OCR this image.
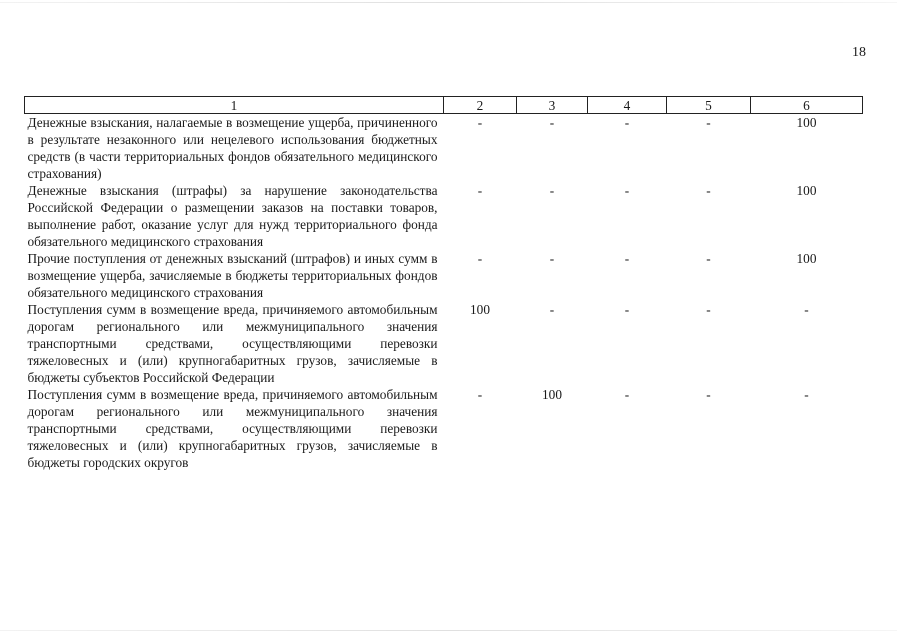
18
1	2	3	4	5	6
Денежные взыскания, налагаемые в возмещение ущерба, причиненного в результате незаконного или нецелевого использования бюджетных средств (в части территориальных фондов обязательного медицинского страхования)	-	-	-	-	100
Денежные взыскания (штрафы) за нарушение законодательства Российской Федерации о размещении заказов на поставки товаров, выполнение работ, оказание услуг для нужд территориального фонда обязательного медицинского страхования	-	-	-	-	100
Прочие поступления от денежных взысканий (штрафов) и иных сумм в возмещение ущерба, зачисляемые в бюджеты территориальных фондов обязательного медицинского страхования	-	-	-	-	100
Поступления сумм в возмещение вреда, причиняемого автомобильным дорогам регионального или межмуниципального значения транспортными средствами, осуществляющими перевозки тяжеловесных и (или) крупногабаритных грузов, зачисляемые в бюджеты субъектов Российской Федерации	100	-	-	-	-
Поступления сумм в возмещение вреда, причиняемого автомобильным дорогам регионального или межмуниципального значения транспортными средствами, осуществляющими перевозки тяжеловесных и (или) крупногабаритных грузов, зачисляемые в бюджеты городских округов	-	100	-	-	-
